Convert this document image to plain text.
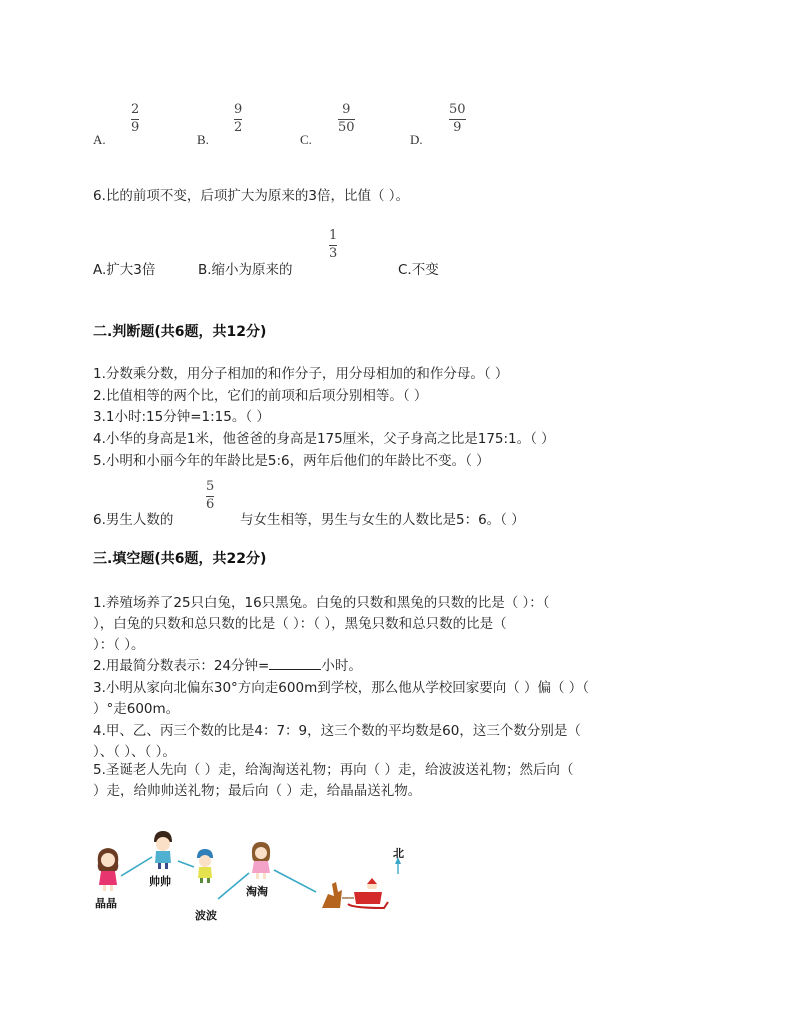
A.
2
9
B.
9
2
C.
9
50
D.
50
9
6.比的前项不变，后项扩大为原来的3倍，比值（ ）。
A.扩大3倍	B.缩小为原来的
1
3
C.不变
二.判断题(共6题，共12分)
1.分数乘分数，用分子相加的和作分子，用分母相加的和作分母。（ ）
2.比值相等的两个比，它们的前项和后项分别相等。（ ）
3.1小时:15分钟=1:15。（ ）
4.小华的身高是1米，他爸爸的身高是175厘米，父子身高之比是175:1。（ ）
5.小明和小丽今年的年龄比是5:6，两年后他们的年龄比不变。（ ）
6.男生人数的
5
6
与女生相等，男生与女生的人数比是5：6。（ ）
三.填空题(共6题，共22分)
1.养殖场养了25只白兔，16只黑兔。白兔的只数和黑兔的只数的比是（ ）：（
），白兔的只数和总只数的比是（ ）：（ ），黑兔只数和总只数的比是（
）：（ ）。
2.用最简分数表示：24分钟=	小时。
3.小明从家向北偏东30°方向走600m到学校，那么他从学校回家要向（ ）偏（ ）（
）°走600m。
4.甲、乙、丙三个数的比是4：7：9，这三个数的平均数是60，这三个数分别是（
）、（ ）、（ ）。
5.圣诞老人先向（ ）走，给淘淘送礼物；再向（ ）走，给波波送礼物；然后向（
）走，给帅帅送礼物；最后向（ ）走，给晶晶送礼物。
晶晶
帅帅
波波
淘淘
北
